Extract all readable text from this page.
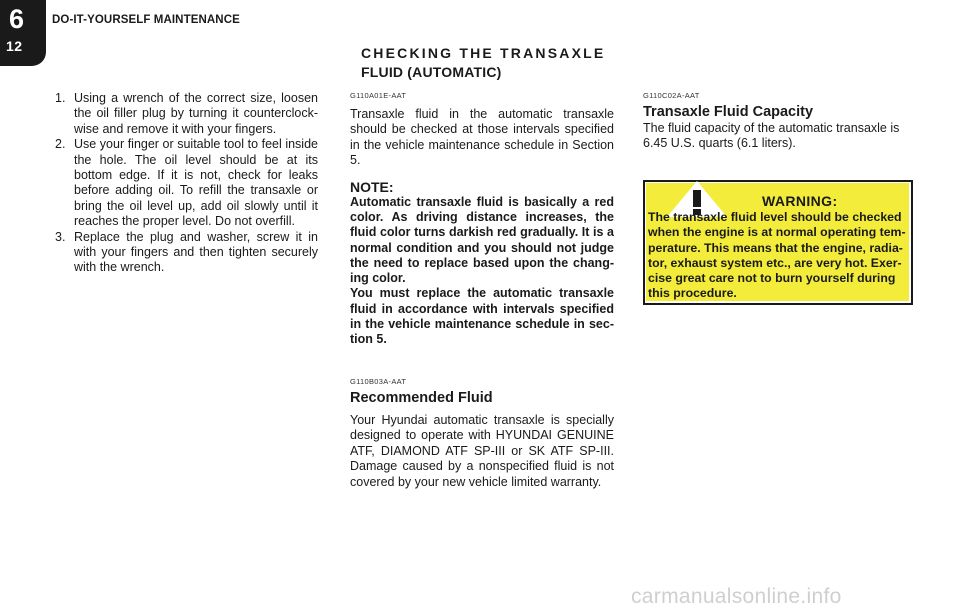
6
12
DO-IT-YOURSELF MAINTENANCE
CHECKING THE TRANSAXLE
FLUID (AUTOMATIC)
1. Using a wrench of the correct size, loosen the oil filler plug by turning it counterclock-wise and remove it with your fingers.
2. Use your finger or suitable tool to feel inside the hole. The oil level should be at its bottom edge. If it is not, check for leaks before adding oil. To refill the transaxle or bring the oil level up, add oil slowly until it reaches the proper level. Do not overfill.
3. Replace the plug and washer, screw it in with your fingers and then tighten securely with the wrench.
G110A01E-AAT
Transaxle fluid in the automatic transaxle should be checked at those intervals specified in the vehicle maintenance schedule in Section 5.
NOTE:
Automatic transaxle fluid is basically a red color. As driving distance increases, the fluid color turns darkish red gradually. It is a normal condition and you should not judge the need to replace based upon the chang-ing color.
You must replace the automatic transaxle fluid in accordance with intervals specified in the vehicle maintenance schedule in sec-tion 5.
G110B03A-AAT
Recommended Fluid
Your Hyundai automatic transaxle is specially designed to operate with HYUNDAI GENUINE ATF, DIAMOND ATF SP-III or SK ATF SP-III. Damage caused by a nonspecified fluid is not covered by your new vehicle limited warranty.
G110C02A-AAT
Transaxle Fluid Capacity
The fluid capacity of the automatic transaxle is 6.45 U.S. quarts (6.1 liters).
WARNING:
The transaxle fluid level should be checked when the engine is at normal operating tem-perature. This means that the engine, radia-tor, exhaust system etc., are very hot. Exer-cise great care not to burn yourself during this procedure.
carmanualsonline.info
